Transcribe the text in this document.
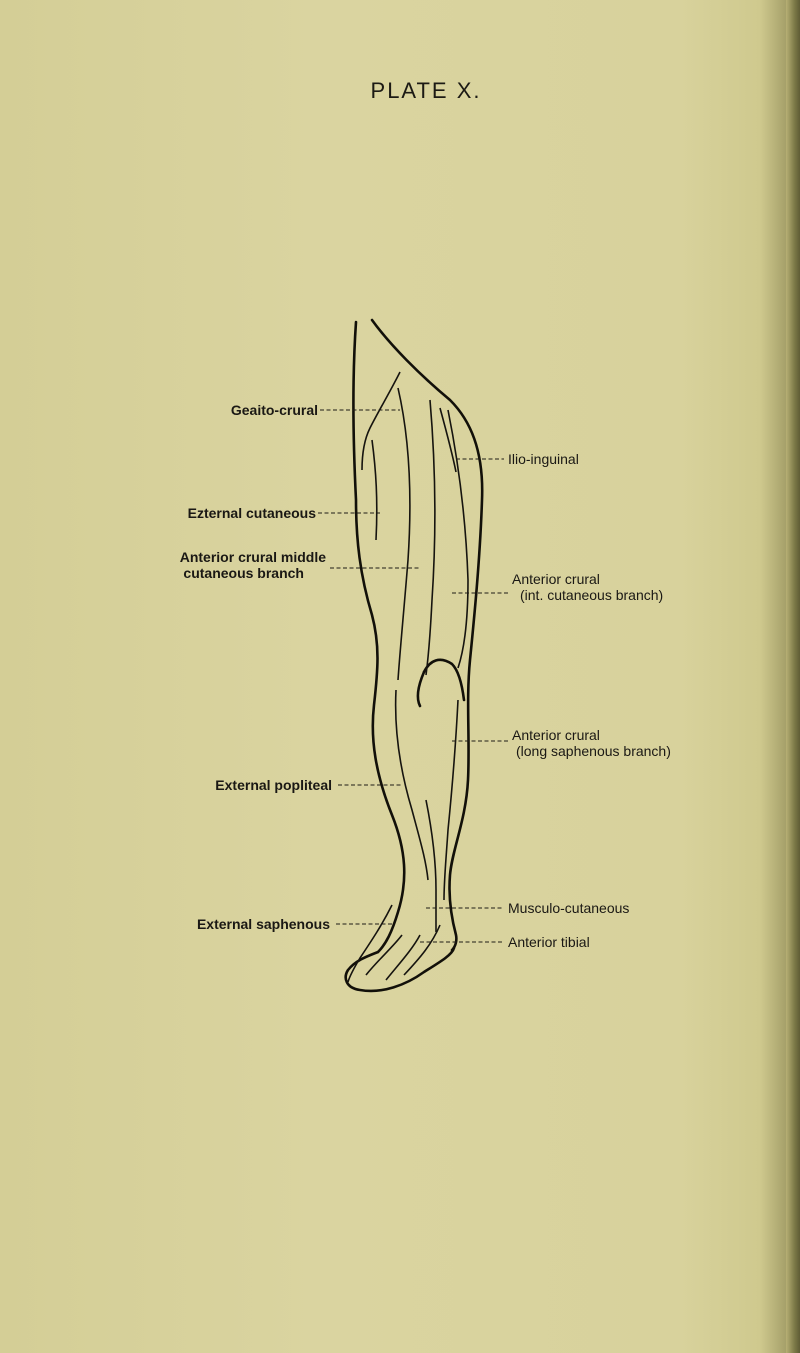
PLATE X.
Geaito-crural
Ezternal cutaneous
Anterior crural middle
cutaneous branch
External popliteal
External saphenous
Ilio-inguinal
Anterior crural
(int. cutaneous branch)
Anterior crural
(long saphenous branch)
Musculo-cutaneous
Anterior tibial
